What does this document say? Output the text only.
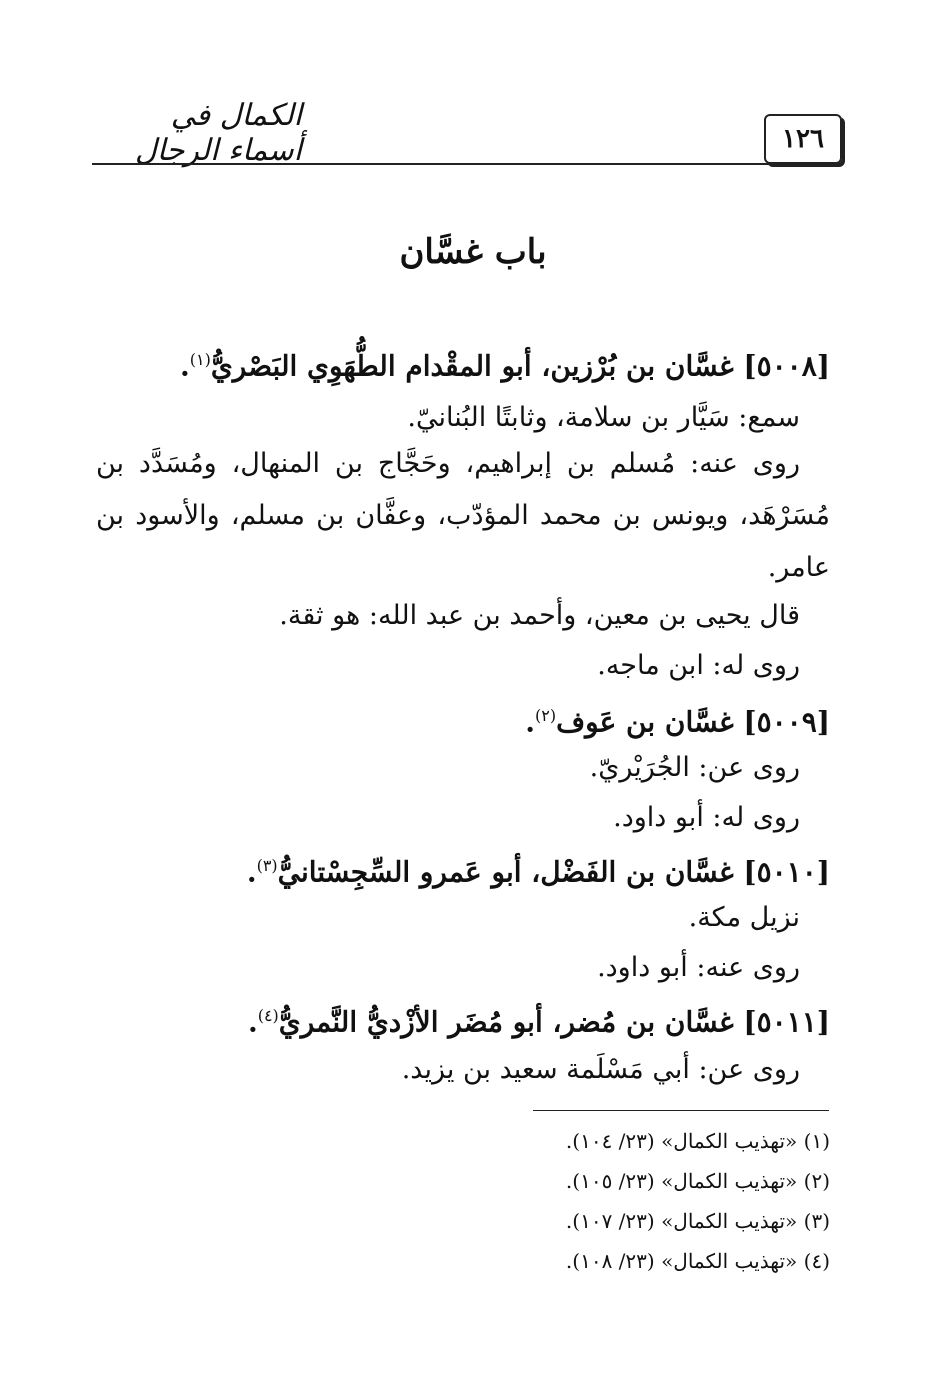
١٢٦
الكمال في أسماء الرجال
باب غسَّان
[٥٠٠٨] غسَّان بن بُرْزين، أبو المقْدام الطُّهَوِي البَصْريُّ$^{(١)}$.
سمع: سَيَّار بن سلامة، وثابتًا البُنانيّ.
روى عنه: مُسلم بن إبراهيم، وحَجَّاج بن المنهال، ومُسَدَّد بن
مُسَرْهَد، ويونس بن محمد المؤدّب، وعفَّان بن مسلم، والأسود بن
عامر.
قال يحيى بن معين، وأحمد بن عبد الله: هو ثقة.
روى له: ابن ماجه.
[٥٠٠٩] غسَّان بن عَوف$^{(٢)}$.
روى عن: الجُرَيْريّ.
روى له: أبو داود.
[٥٠١٠] غسَّان بن الفَضْل، أبو عَمرو السِّجِسْتانيُّ$^{(٣)}$.
نزيل مكة.
روى عنه: أبو داود.
[٥٠١١] غسَّان بن مُضر، أبو مُضَر الأزْديُّ النَّمريُّ$^{(٤)}$.
روى عن: أبي مَسْلَمة سعيد بن يزيد.
(١) «تهذيب الكمال» (٢٣/ ١٠٤).
(٢) «تهذيب الكمال» (٢٣/ ١٠٥).
(٣) «تهذيب الكمال» (٢٣/ ١٠٧).
(٤) «تهذيب الكمال» (٢٣/ ١٠٨).
